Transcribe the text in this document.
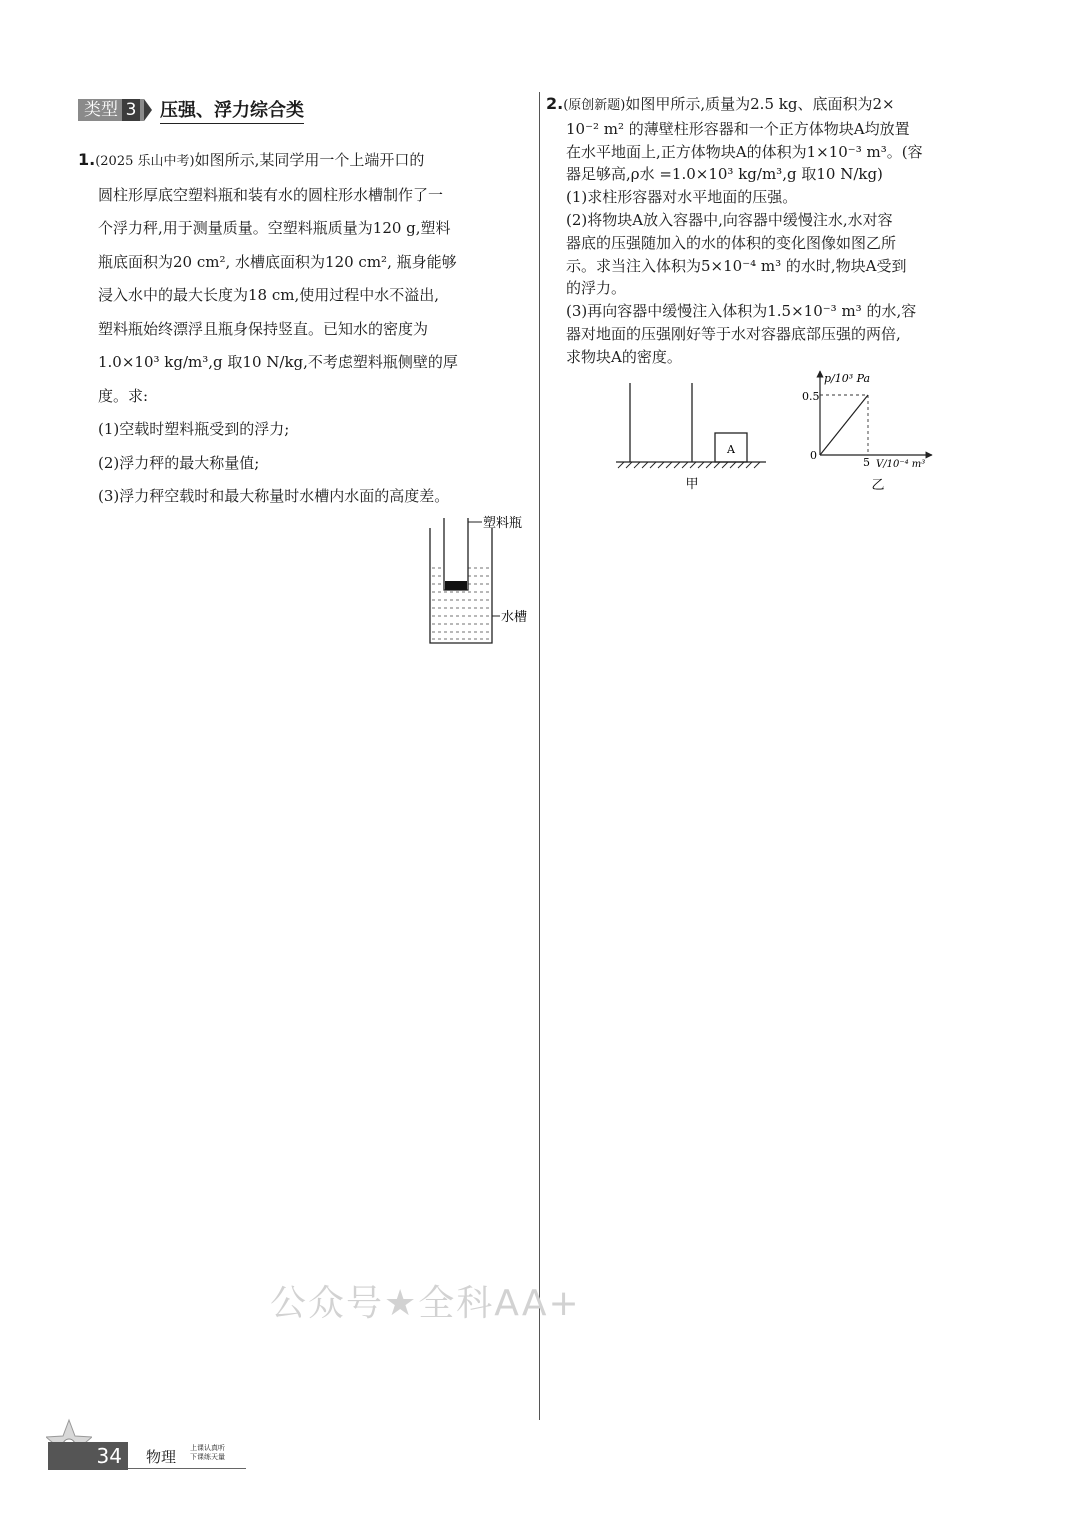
类型 3 压强、浮力综合类
1.(2025 乐山中考)如图所示,某同学用一个上端开口的
圆柱形厚底空塑料瓶和装有水的圆柱形水槽制作了一
个浮力秤,用于测量质量。空塑料瓶质量为120 g,塑料
瓶底面积为20 cm², 水槽底面积为120 cm², 瓶身能够
浸入水中的最大长度为18 cm,使用过程中水不溢出,
塑料瓶始终漂浮且瓶身保持竖直。已知水的密度为
1.0×10³ kg/m³,g 取10 N/kg,不考虑塑料瓶侧壁的厚
度。求:
(1)空载时塑料瓶受到的浮力;
(2)浮力秤的最大称量值;
(3)浮力秤空载时和最大称量时水槽内水面的高度差。
塑料瓶
水槽
2.(原创新题)如图甲所示,质量为2.5 kg、底面积为2×
10⁻² m² 的薄壁柱形容器和一个正方体物块A均放置
在水平地面上,正方体物块A的体积为1×10⁻³ m³。(容
器足够高,ρ水 =1.0×10³ kg/m³,g 取10 N/kg)
(1)求柱形容器对水平地面的压强。
(2)将物块A放入容器中,向容器中缓慢注水,水对容
器底的压强随加入的水的体积的变化图像如图乙所
示。求当注入体积为5×10⁻⁴ m³ 的水时,物块A受到
的浮力。
(3)再向容器中缓慢注入体积为1.5×10⁻³ m³ 的水,容
器对地面的压强刚好等于水对容器底部压强的两倍,
求物块A的密度。
A
甲
p/10³ Pa
0.5
0
5 V/10⁻⁴ m³
乙
公众号★全科AA+
34	物理 上课认真听
下课练天量
